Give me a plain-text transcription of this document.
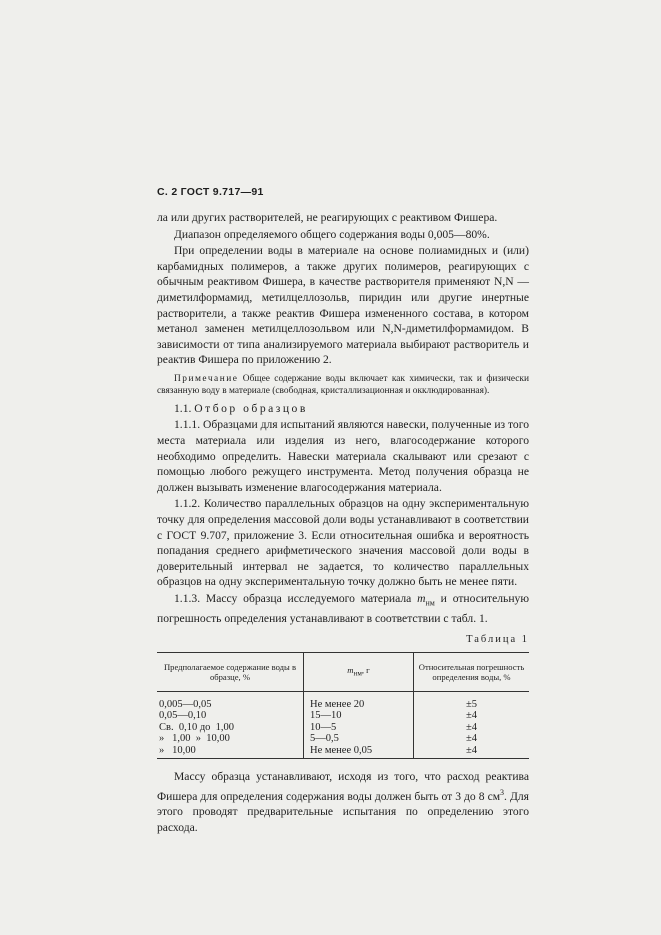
С. 2 ГОСТ 9.717—91

ла или других растворителей, не реагирующих с реактивом Фишера.

Диапазон определяемого общего содержания воды 0,005—80%.

При определении воды в материале на основе полиамидных и (или) карбамидных полимеров, а также других полимеров, реагирующих с обычным реактивом Фишера, в качестве растворителя применяют N,N — диметилформамид, метилцеллозольв, пиридин или другие инертные растворители, а также реактив Фишера измененного состава, в котором метанол заменен метилцеллозольвом или N,N-диметилформамидом. В зависимости от типа анализируемого материала выбирают растворитель и реактив Фишера по приложению 2.

Примечание Общее содержание воды включает как химически, так и физически связанную воду в материале (свободная, кристаллизационная и окклюдированная).

1.1. Отбор образцов

1.1.1. Образцами для испытаний являются навески, полученные из того места материала или изделия из него, влагосодержание которого необходимо определить. Навески материала скалывают или срезают с помощью любого режущего инструмента. Метод получения образца не должен вызывать изменение влагосодержания материала.

1.1.2. Количество параллельных образцов на одну экспериментальную точку для определения массовой доли воды устанавливают в соответствии с ГОСТ 9.707, приложение 3. Если относительная ошибка и вероятность попадания среднего арифметического значения массовой доли воды в доверительный интервал не задается, то количество параллельных образцов на одну экспериментальную точку должно быть не менее пяти.

1.1.3. Массу образца исследуемого материала $m_{нм}$ и относительную погрешность определения устанавливают в соответствии с табл. 1.

Таблица 1
Предполагаемое содержание воды в образце, %	$m_{нм}$, г	Относительная погрешность определения воды, %
0,005—0,05	Не менее 20	±5
0,05—0,10	15—10	±4
Св.  0,10 до  1,00	10—5	±4
»   1,00  »  10,00	5—0,5	±4
»   10,00	Не менее 0,05	±4

Массу образца устанавливают, исходя из того, что расход реактива Фишера для определения содержания воды должен быть от 3 до 8 $см^3$. Для этого проводят предварительные испытания по определению этого расхода.
